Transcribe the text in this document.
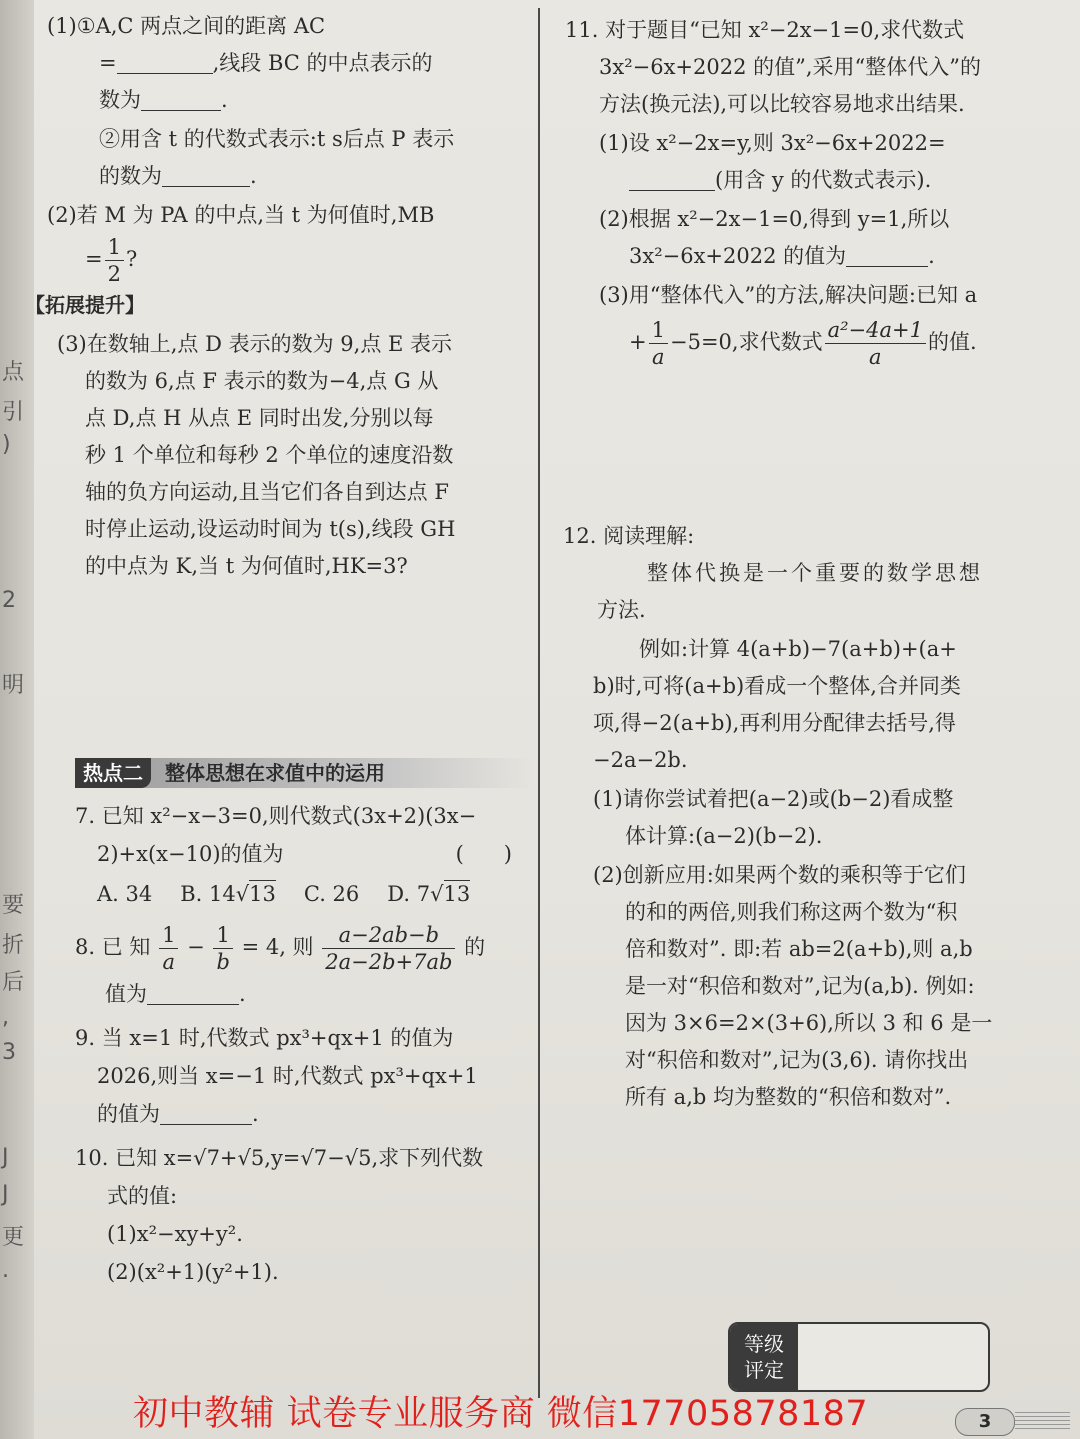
点
引
)
2
明
要
折
后
,
3
J
J
更
.

(1)①A,C 两点之间的距离 AC

=	,线段 BC 的中点表示的

数为	.

②用含 t 的代数式表示:t s后点 P 表示

的数为	.

(2)若 M 为 PA 的中点,当 t 为何值时,MB

= $\frac{1}{2}$ ?

【拓展提升】

(3)在数轴上,点 D 表示的数为 9,点 E 表示

的数为 6,点 F 表示的数为−4,点 G 从

点 D,点 H 从点 E 同时出发,分别以每

秒 1 个单位和每秒 2 个单位的速度沿数

轴的负方向运动,且当它们各自到达点 F

时停止运动,设运动时间为 t(s),线段 GH

的中点为 K,当 t 为何值时,HK=3?

热点二 整体思想在求值中的运用

7. 已知 x²−x−3=0,则代数式(3x+2)(3x−

2)+x(x−10)的值为	(      )

A. 34 B. 14√13 C. 26 D. 7√13

8. 已 知 $\frac{1}{a} - \frac{1}{b} = 4$, 则 $\frac{a-2ab-b}{2a-2b+7ab}$ 的

值为	.

9. 当 x=1 时,代数式 px³+qx+1 的值为

2026,则当 x=−1 时,代数式 px³+qx+1

的值为	.

10. 已知 x=√7+√5,y=√7−√5,求下列代数

式的值:

(1)x²−xy+y².

(2)(x²+1)(y²+1).

11. 对于题目“已知 x²−2x−1=0,求代数式

3x²−6x+2022 的值”,采用“整体代入”的

方法(换元法),可以比较容易地求出结果.

(1)设 x²−2x=y,则 3x²−6x+2022=

(用含 y 的代数式表示).

(2)根据 x²−2x−1=0,得到 y=1,所以

3x²−6x+2022 的值为	.

(3)用“整体代入”的方法,解决问题:已知 a

+ $\frac{1}{a} -5=0$,求代数式 $\frac{\text{a²−4a+1}}{a}$ 的值.

12. 阅读理解:

整体代换是一个重要的数学思想

方法.

例如:计算 4(a+b)−7(a+b)+(a+

b)时,可将(a+b)看成一个整体,合并同类

项,得−2(a+b),再利用分配律去括号,得

−2a−2b.

(1)请你尝试着把(a−2)或(b−2)看成整

体计算:(a−2)(b−2).

(2)创新应用:如果两个数的乘积等于它们

的和的两倍,则我们称这两个数为“积

倍和数对”. 即:若 ab=2(a+b),则 a,b

是一对“积倍和数对”,记为(a,b). 例如:

因为 3×6=2×(3+6),所以 3 和 6 是一

对“积倍和数对”,记为(3,6). 请你找出

所有 a,b 均为整数的“积倍和数对”.

等级
评定
初中教辅 试卷专业服务商 微信17705878187	3
